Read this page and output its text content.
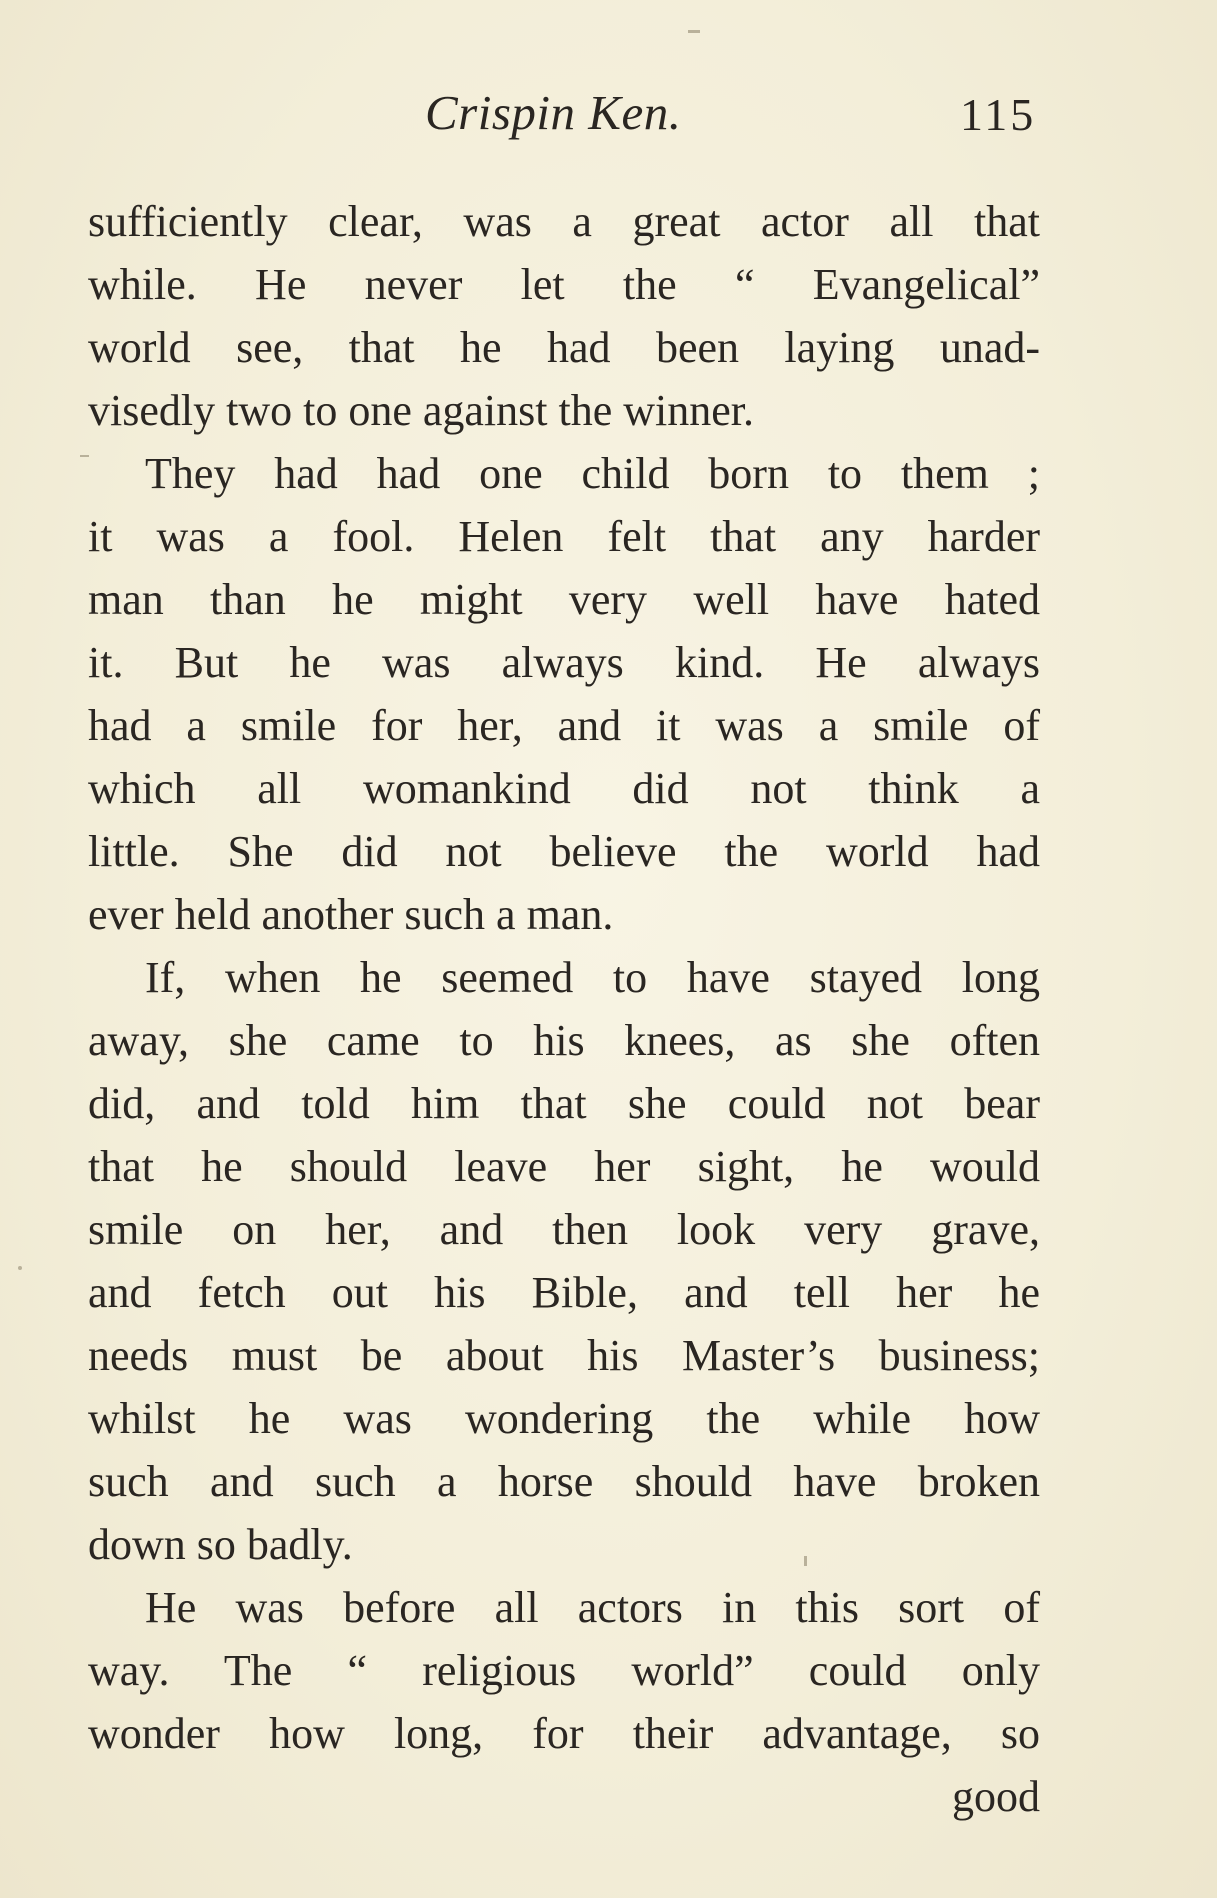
Crispin Ken.	115
sufficiently clear, was a great actor all that
while. He never let the “ Evangelical”
world see, that he had been laying unad-
visedly two to one against the winner.
They had had one child born to them ;
it was a fool. Helen felt that any harder
man than he might very well have hated
it. But he was always kind. He always
had a smile for her, and it was a smile of
which all womankind did not think a
little. She did not believe the world had
ever held another such a man.
If, when he seemed to have stayed long
away, she came to his knees, as she often
did, and told him that she could not bear
that he should leave her sight, he would
smile on her, and then look very grave,
and fetch out his Bible, and tell her he
needs must be about his Master’s business;
whilst he was wondering the while how
such and such a horse should have broken
down so badly.
He was before all actors in this sort of
way. The “ religious world” could only
wonder how long, for their advantage, so
good
